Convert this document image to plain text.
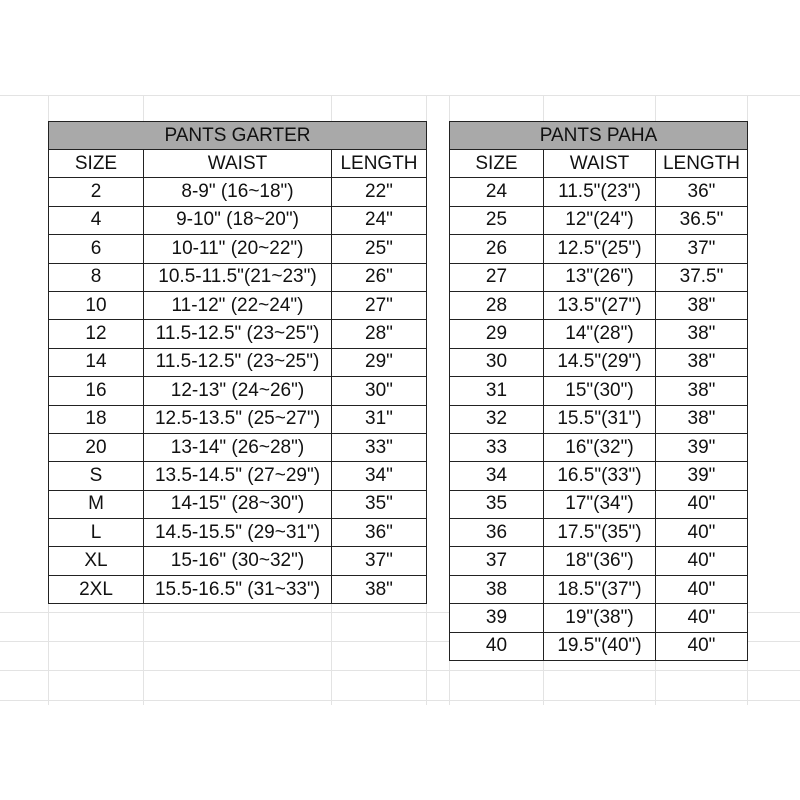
PANTS GARTER		
SIZE	WAIST	LENGTH
2	8-9" (16~18")	22"
4	9-10" (18~20")	24"
6	10-11" (20~22")	25"
8	10.5-11.5"(21~23")	26"
10	11-12" (22~24")	27"
12	11.5-12.5" (23~25")	28"
14	11.5-12.5" (23~25")	29"
16	12-13" (24~26")	30"
18	12.5-13.5" (25~27")	31"
20	13-14" (26~28")	33"
S	13.5-14.5" (27~29")	34"
M	14-15" (28~30")	35"
L	14.5-15.5" (29~31")	36"
XL	15-16" (30~32")	37"
2XL	15.5-16.5" (31~33")	38"
PANTS PAHA		
SIZE	WAIST	LENGTH
24	11.5"(23")	36"
25	12"(24")	36.5"
26	12.5"(25")	37"
27	13"(26")	37.5"
28	13.5"(27")	38"
29	14"(28")	38"
30	14.5"(29")	38"
31	15"(30")	38"
32	15.5"(31")	38"
33	16"(32")	39"
34	16.5"(33")	39"
35	17"(34")	40"
36	17.5"(35")	40"
37	18"(36")	40"
38	18.5"(37")	40"
39	19"(38")	40"
40	19.5"(40")	40"
